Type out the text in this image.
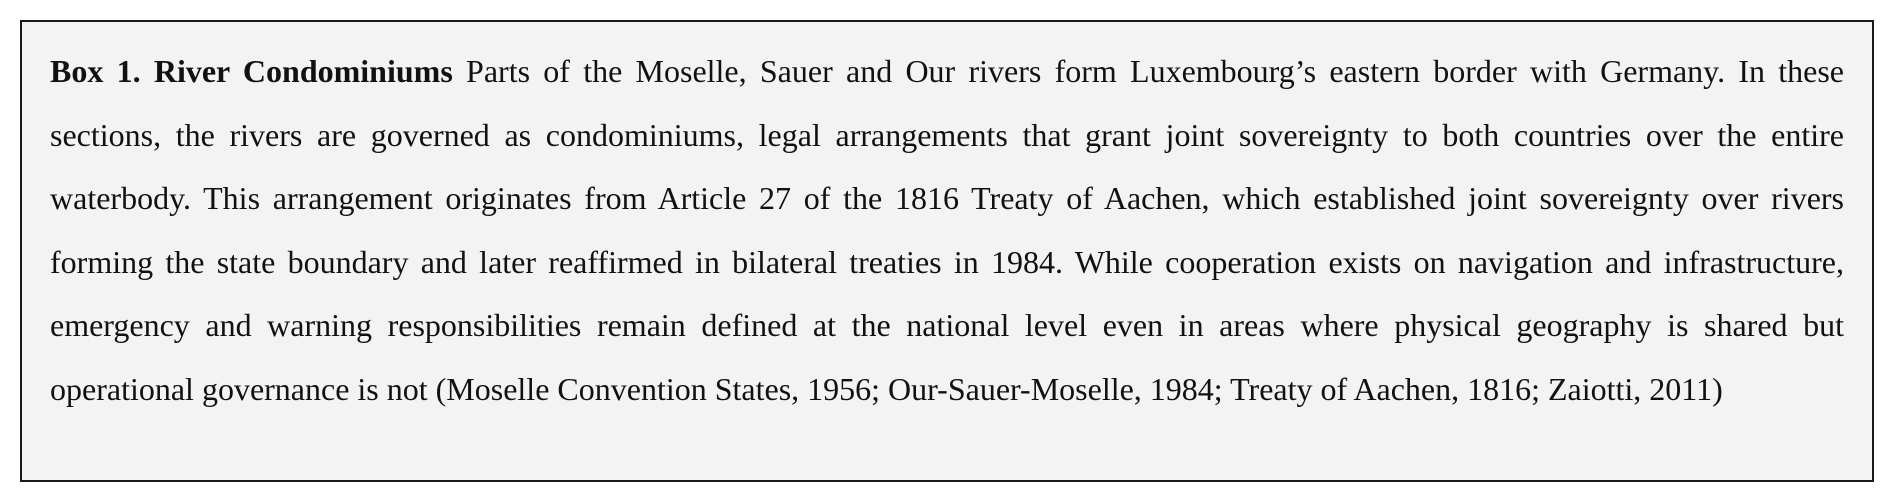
Box 1. River Condominiums Parts of the Moselle, Sauer and Our rivers form Luxembourg’s eastern border with Germany. In these sections, the rivers are governed as condominiums, legal arrangements that grant joint sovereignty to both countries over the entire waterbody. This arrangement originates from Article 27 of the 1816 Treaty of Aachen, which established joint sovereignty over rivers forming the state boundary and later reaffirmed in bilateral treaties in 1984. While cooperation exists on navigation and infrastructure, emergency and warning responsibilities remain defined at the national level even in areas where physical geography is shared but operational governance is not (Moselle Convention States, 1956; Our-Sauer-Moselle, 1984; Treaty of Aachen, 1816; Zaiotti, 2011)
